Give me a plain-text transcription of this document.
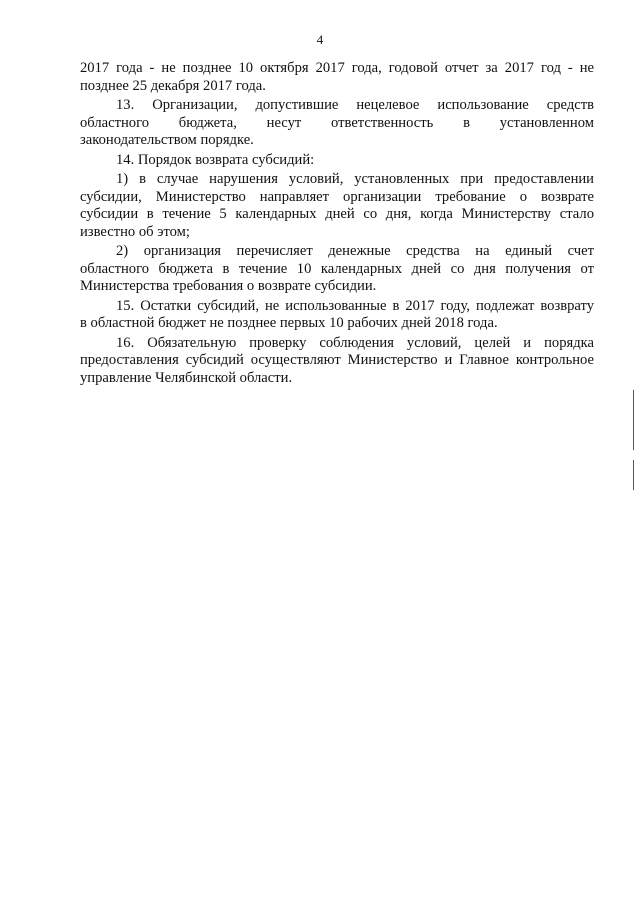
4
2017 года - не позднее 10 октября 2017 года, годовой отчет за 2017 год - не
позднее 25 декабря 2017 года.
13. Организации, допустившие нецелевое использование средств
областного бюджета, несут ответственность в установленном
законодательством порядке.
14. Порядок возврата субсидий:
1) в случае нарушения условий, установленных при предоставлении
субсидии, Министерство направляет организации требование о возврате
субсидии в течение 5 календарных дней со дня, когда Министерству стало
известно об этом;
2) организация перечисляет денежные средства на единый счет
областного бюджета в течение 10 календарных дней со дня получения от
Министерства требования о возврате субсидии.
15. Остатки субсидий, не использованные в 2017 году, подлежат возврату
в областной бюджет не позднее первых 10 рабочих дней 2018 года.
16. Обязательную проверку соблюдения условий, целей и порядка
предоставления субсидий осуществляют Министерство и Главное контрольное
управление Челябинской области.
